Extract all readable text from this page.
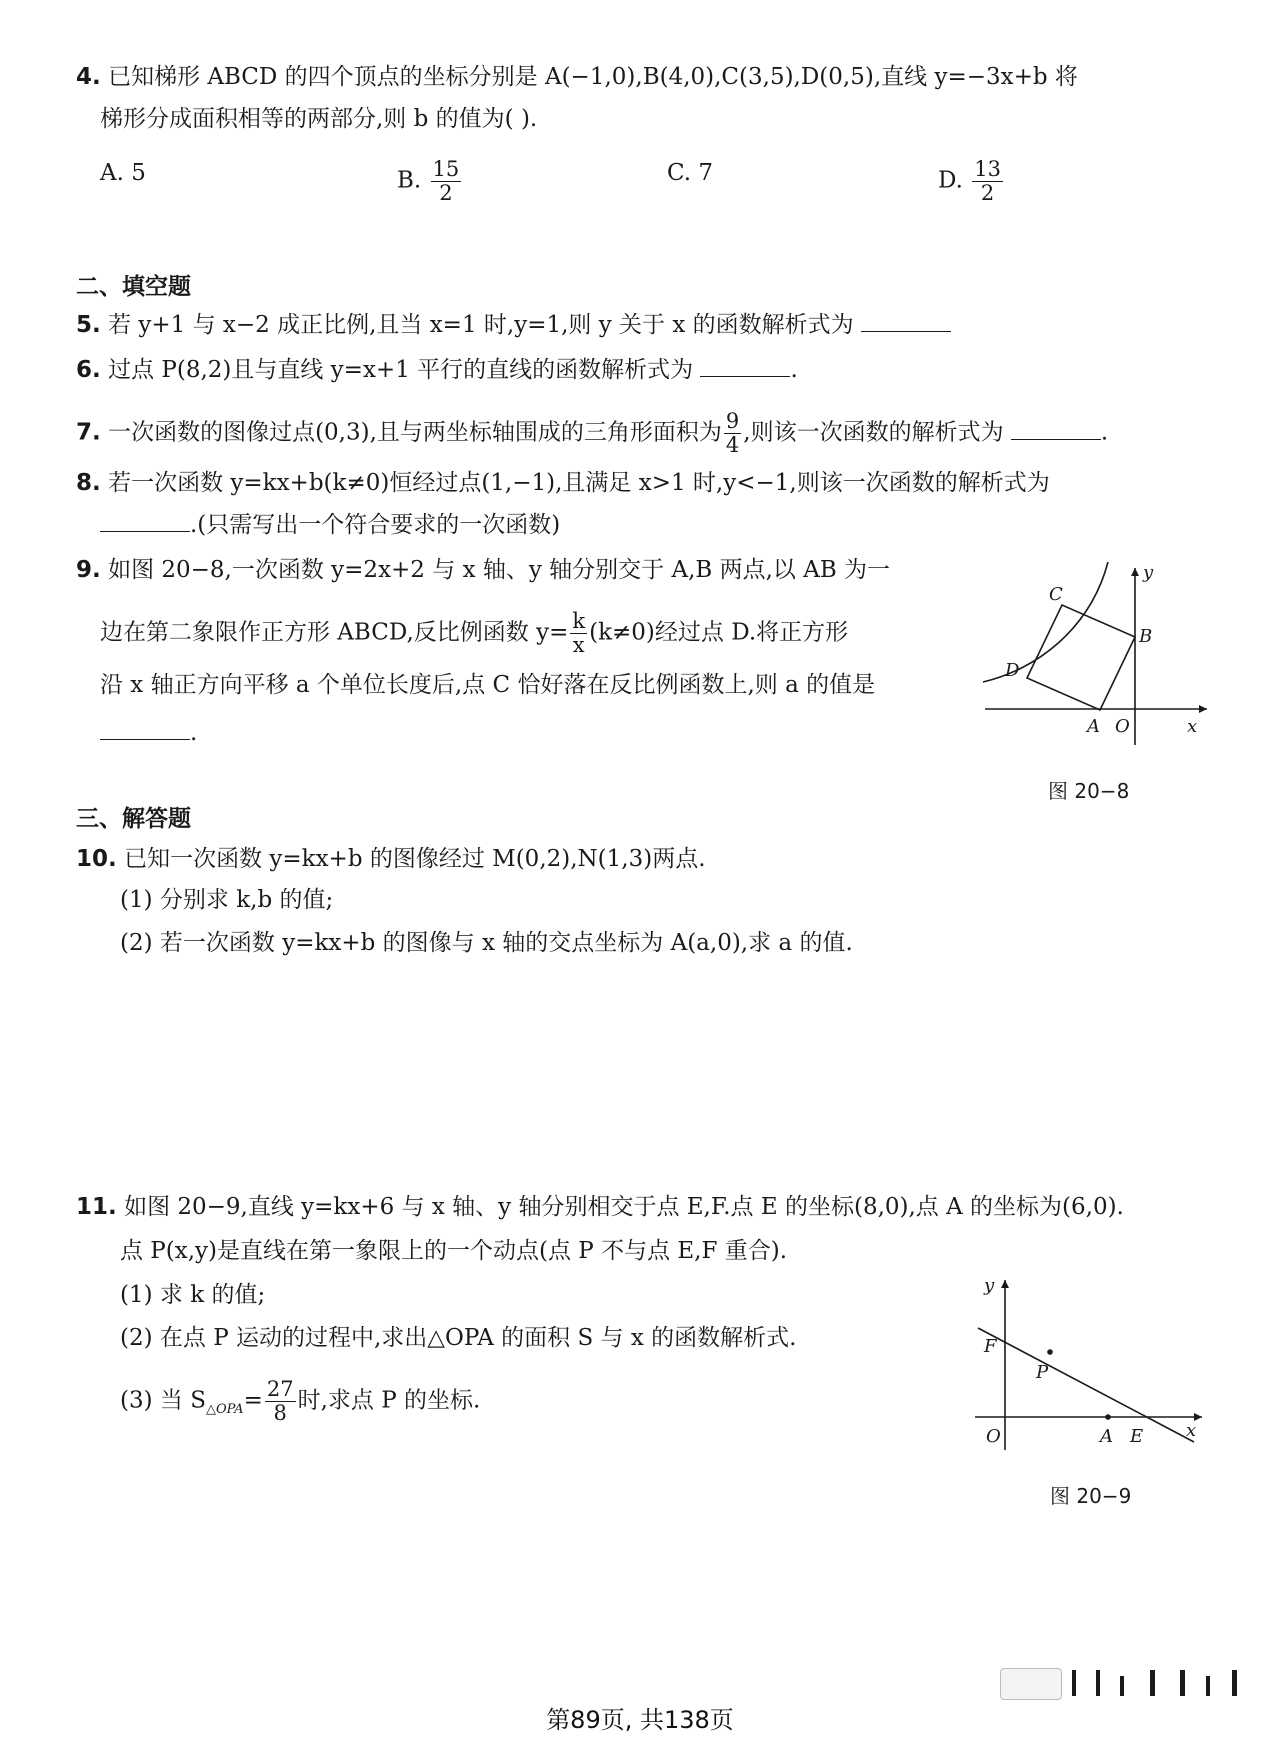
4. 已知梯形 ABCD 的四个顶点的坐标分别是 A(−1,0),B(4,0),C(3,5),D(0,5),直线 y=−3x+b 将
梯形分成面积相等的两部分,则 b 的值为( ).
A. 5	B. $\frac{15}{2}$	C. 7	D. $\frac{13}{2}$
二、填空题
5. 若 y+1 与 x−2 成正比例,且当 x=1 时,y=1,则 y 关于 x 的函数解析式为
6. 过点 P(8,2)且与直线 y=x+1 平行的直线的函数解析式为	.
7. 一次函数的图像过点(0,3),且与两坐标轴围成的三角形面积为 $\frac{9}{4}$ ,则该一次函数的解析式为	.
8. 若一次函数 y=kx+b(k≠0)恒经过点(1,−1),且满足 x>1 时,y<−1,则该一次函数的解析式为
.(只需写出一个符合要求的一次函数)
9. 如图 20−8,一次函数 y=2x+2 与 x 轴、y 轴分别交于 A,B 两点,以 AB 为一
边在第二象限作正方形 ABCD,反比例函数 $y= \frac{k}{x} (k\ne 0)$经过点 D.将正方形
沿 x 轴正方向平移 a 个单位长度后,点 C 恰好落在反比例函数上,则 a 的值是
.
C
D
B
A O	x
y
图 20−8
三、解答题
10. 已知一次函数 y=kx+b 的图像经过 M(0,2),N(1,3)两点.
(1) 分别求 k,b 的值;
(2) 若一次函数 y=kx+b 的图像与 x 轴的交点坐标为 A(a,0),求 a 的值.
11. 如图 20−9,直线 y=kx+6 与 x 轴、y 轴分别相交于点 E,F.点 E 的坐标(8,0),点 A 的坐标为(6,0).
点 P(x,y)是直线在第一象限上的一个动点(点 P 不与点 E,F 重合).
(1) 求 k 的值;
(2) 在点 P 运动的过程中,求出△OPA 的面积 S 与 x 的函数解析式.
(3) 当 $S_{\triangle OPA}= \frac{27}{8}$ 时,求点 P 的坐标.
y
F
P
O	A E x
图 20−9
第89页, 共138页
